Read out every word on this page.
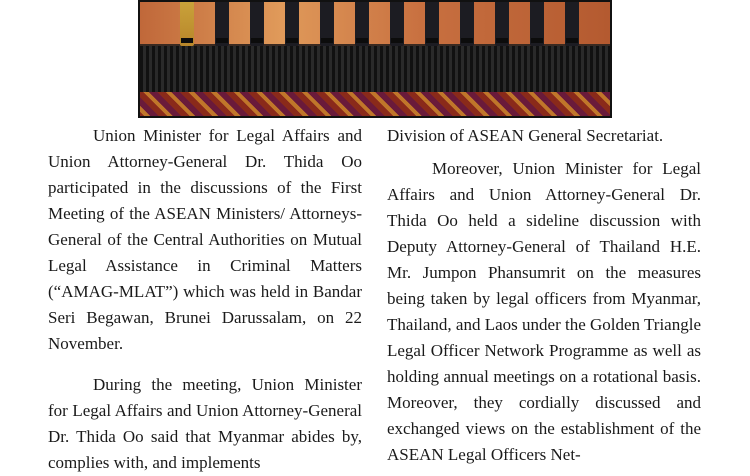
Union Minister for Legal Affairs and Union Attorney-General Dr. Thida Oo participated in the discussions of the First Meeting of the ASEAN Ministers/ Attorneys-General of the Central Authorities on Mutual Legal Assistance in Criminal Matters (“AMAG-MLAT”) which was held in Bandar Seri Begawan, Brunei Darussalam, on 22 November.

During the meeting, Union Minister for Legal Affairs and Union Attorney-General Dr. Thida Oo said that Myanmar abides by, complies with, and implements

Division of ASEAN General Secretariat.

Moreover, Union Minister for Legal Affairs and Union Attorney-General Dr. Thida Oo held a sideline discussion with Deputy Attorney-General of Thailand H.E. Mr. Jumpon Phansumrit on the measures being taken by legal officers from Myanmar, Thailand, and Laos under the Golden Triangle Legal Officer Network Programme as well as holding annual meetings on a rotational basis. Moreover, they cordially discussed and exchanged views on the establishment of the ASEAN Legal Officers Net-
